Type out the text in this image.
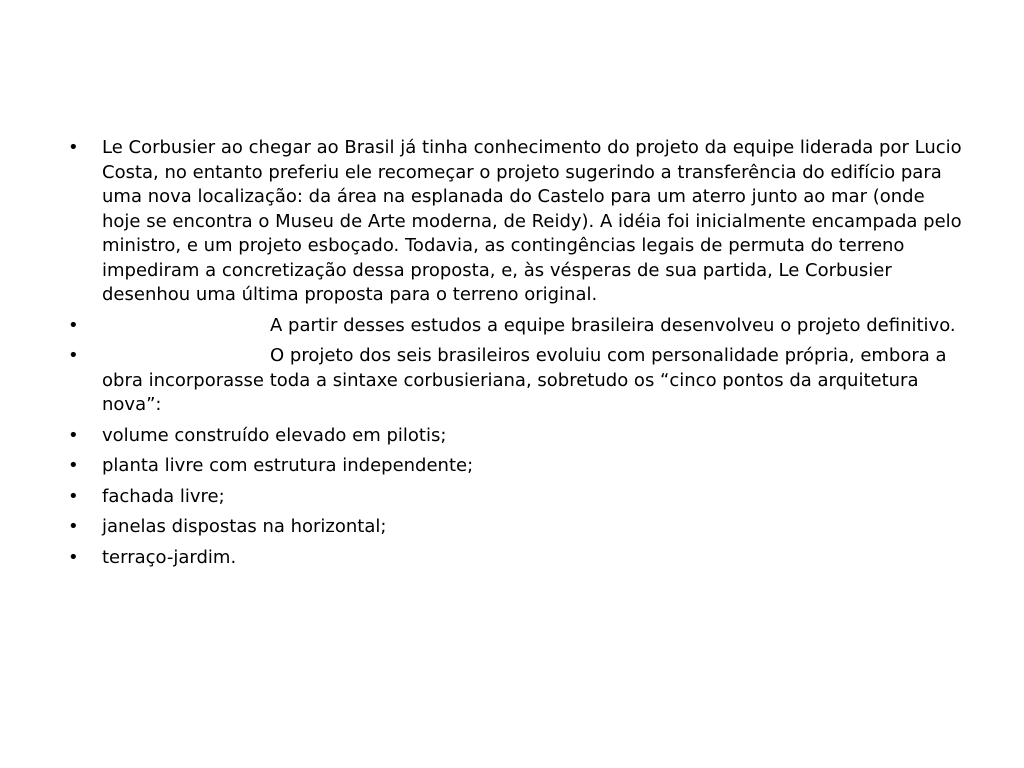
• Le Corbusier ao chegar ao Brasil já tinha conhecimento do projeto da equipe liderada por Lucio Costa, no entanto preferiu ele recomeçar o projeto sugerindo a transferência do edifício para uma nova localização: da área na esplanada do Castelo para um aterro junto ao mar (onde hoje se encontra o Museu de Arte moderna, de Reidy). A idéia foi inicialmente encampada pelo ministro, e um projeto esboçado. Todavia, as contingências legais de permuta do terreno impediram a concretização dessa proposta, e, às vésperas de sua partida, Le Corbusier desenhou uma última proposta para o terreno original.
•	A partir desses estudos a equipe brasileira desenvolveu o projeto definitivo.
•	O projeto dos seis brasileiros evoluiu com personalidade própria, embora a obra incorporasse toda a sintaxe corbusieriana, sobretudo os “cinco pontos da arquitetura nova”:
• volume construído elevado em pilotis;
• planta livre com estrutura independente;
• fachada livre;
• janelas dispostas na horizontal;
• terraço-jardim.
